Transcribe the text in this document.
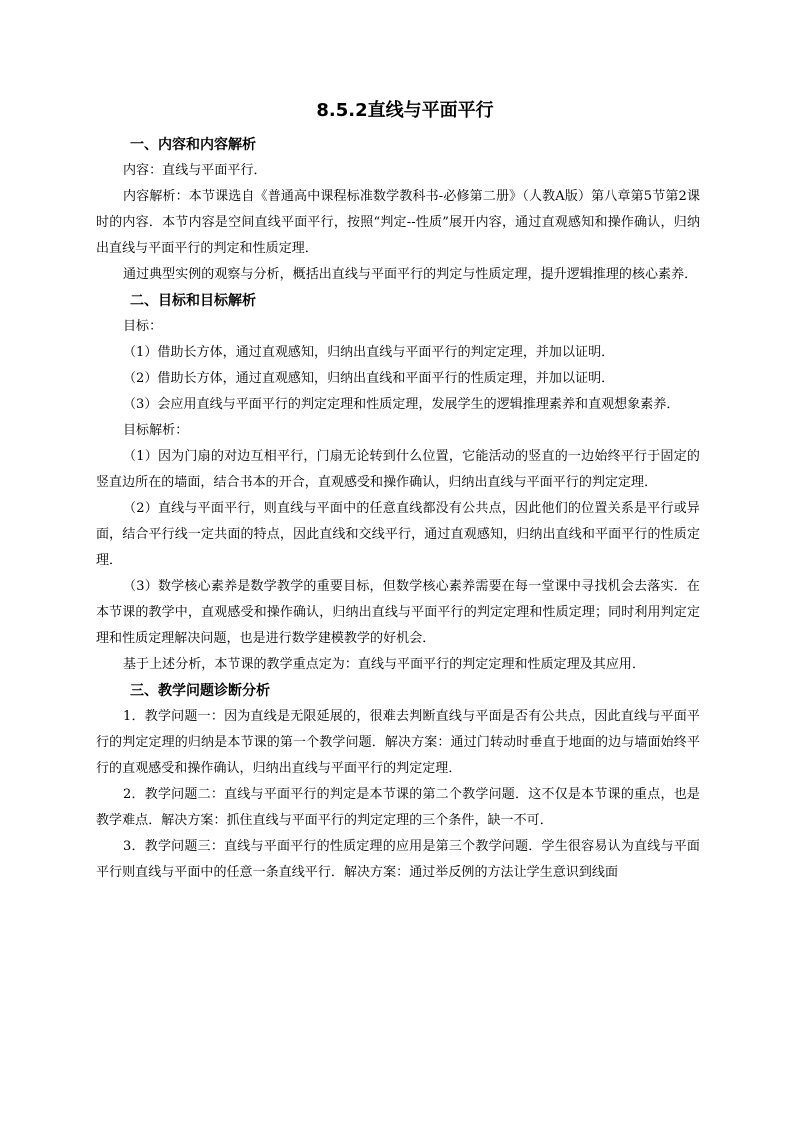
8.5.2直线与平面平行
一、内容和内容解析

内容：直线与平面平行．

内容解析：本节课选自《普通高中课程标准数学教科书-必修第二册》（人教A版）第八章第5节第2课时的内容．本节内容是空间直线平面平行，按照“判定--性质”展开内容，通过直观感知和操作确认，归纳出直线与平面平行的判定和性质定理．

通过典型实例的观察与分析，概括出直线与平面平行的判定与性质定理，提升逻辑推理的核心素养．

二、目标和目标解析

目标：

（1）借助长方体，通过直观感知，归纳出直线与平面平行的判定定理，并加以证明．

（2）借助长方体，通过直观感知，归纳出直线和平面平行的性质定理，并加以证明．

（3）会应用直线与平面平行的判定定理和性质定理，发展学生的逻辑推理素养和直观想象素养．

目标解析：

（1）因为门扇的对边互相平行，门扇无论转到什么位置，它能活动的竖直的一边始终平行于固定的竖直边所在的墙面，结合书本的开合，直观感受和操作确认，归纳出直线与平面平行的判定定理．

（2）直线与平面平行，则直线与平面中的任意直线都没有公共点，因此他们的位置关系是平行或异面，结合平行线一定共面的特点，因此直线和交线平行，通过直观感知，归纳出直线和平面平行的性质定理．

（3）数学核心素养是数学教学的重要目标，但数学核心素养需要在每一堂课中寻找机会去落实．在本节课的教学中，直观感受和操作确认，归纳出直线与平面平行的判定定理和性质定理；同时利用判定定理和性质定理解决问题，也是进行数学建模教学的好机会．

基于上述分析，本节课的教学重点定为：直线与平面平行的判定定理和性质定理及其应用．

三、教学问题诊断分析

1．教学问题一：因为直线是无限延展的，很难去判断直线与平面是否有公共点，因此直线与平面平行的判定定理的归纳是本节课的第一个教学问题．解决方案：通过门转动时垂直于地面的边与墙面始终平行的直观感受和操作确认，归纳出直线与平面平行的判定定理．

2．教学问题二：直线与平面平行的判定是本节课的第二个教学问题．这不仅是本节课的重点，也是教学难点．解决方案：抓住直线与平面平行的判定定理的三个条件，缺一不可．

3．教学问题三：直线与平面平行的性质定理的应用是第三个教学问题．学生很容易认为直线与平面平行则直线与平面中的任意一条直线平行．解决方案：通过举反例的方法让学生意识到线面
